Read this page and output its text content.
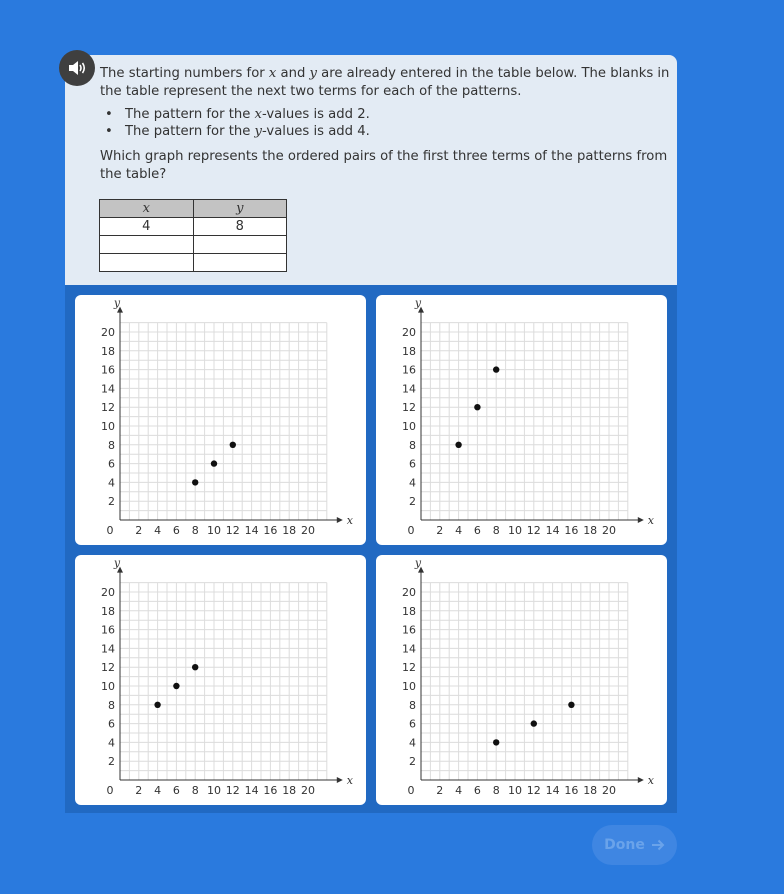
The starting numbers for x and y are already entered in the table below. The blanks in the table represent the next two terms for each of the patterns.
• The pattern for the x-values is add 2.
• The pattern for the y-values is add 4.
Which graph represents the ordered pairs of the first three terms of the patterns from the table?
x	y
4	8

2 4 6 8 10 12 14 16 18 20
2
4
6
8
10
12
14
16
18
20
0
x
y
2 4 6 8 10 12 14 16 18 20
2
4
6
8
10
12
14
16
18
20
0
x
y
2 4 6 8 10 12 14 16 18 20
2
4
6
8
10
12
14
16
18
20
0
x
y
2 4 6 8 10 12 14 16 18 20
2
4
6
8
10
12
14
16
18
20
0
x
y
Done
